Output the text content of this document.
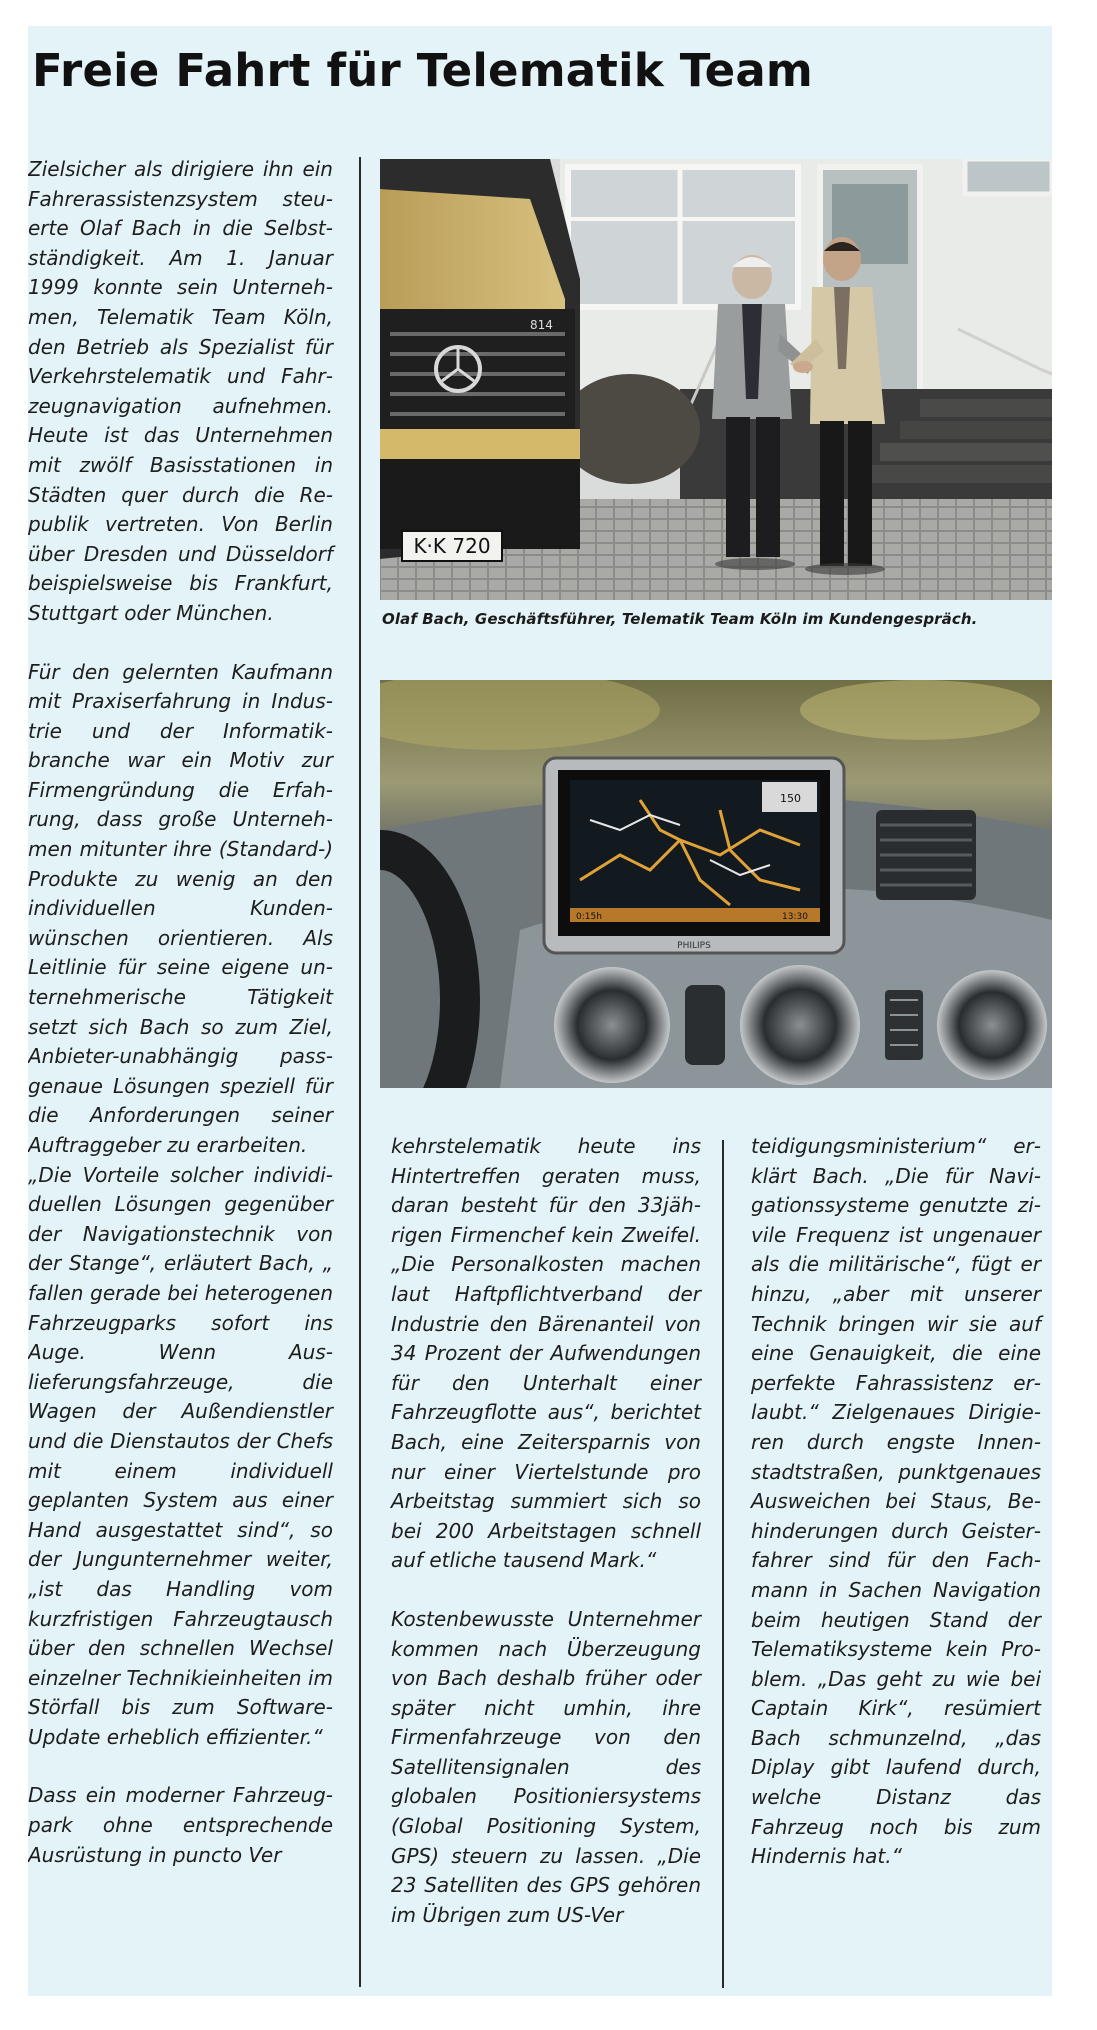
Freie Fahrt für Telematik Team

Zielsicher als dirigiere ihn ein Fahrerassistenzsystem steuerte Olaf Bach in die Selbstständigkeit. Am 1. Januar 1999 konnte sein Unternehmen, Telematik Team Köln, den Betrieb als Spezialist für Verkehrstelematik und Fahrzeugnavigation aufnehmen. Heute ist das Unternehmen mit zwölf Basisstationen in Städten quer durch die Republik vertreten. Von Berlin über Dresden und Düsseldorf beispielsweise bis Frankfurt, Stuttgart oder München.

Für den gelernten Kaufmann mit Praxiserfahrung in Industrie und der Informatikbranche war ein Motiv zur Firmengründung die Erfahrung, dass große Unternehmen mitunter ihre (Standard-) Produkte zu wenig an den individuellen Kundenwünschen orientieren. Als Leitlinie für seine eigene unternehmerische Tätigkeit setzt sich Bach so zum Ziel, Anbieter-unabhängig passgenaue Lösungen speziell für die Anforderungen seiner Auftraggeber zu erarbeiten.

„Die Vorteile solcher individiduellen Lösungen gegenüber der Navigationstechnik von der Stange“, erläutert Bach, „ fallen gerade bei heterogenen Fahrzeugparks sofort ins Auge. Wenn Auslieferungsfahrzeuge, die Wagen der Außendienstler und die Dienstautos der Chefs mit einem individuell geplanten System aus einer Hand ausgestattet sind“, so der Jungunternehmer weiter, „ist das Handling vom kurzfristigen Fahrzeugtausch über den schnellen Wechsel einzelner Technikieinheiten im Störfall bis zum Software-Update erheblich effizienter.“

Dass ein moderner Fahrzeugpark ohne entsprechende Ausrüstung in puncto Ver

K·K 720
814

Olaf Bach, Geschäftsführer, Telematik Team Köln im Kundengespräch.

150
0:15h	13:30
PHILIPS

kehrstelematik heute ins Hintertreffen geraten muss, daran besteht für den 33jährigen Firmenchef kein Zweifel. „Die Personalkosten machen laut Haftpflichtverband der Industrie den Bärenanteil von 34 Prozent der Aufwendungen für den Unterhalt einer Fahrzeugflotte aus“, berichtet Bach, eine Zeitersparnis von nur einer Viertelstunde pro Arbeitstag summiert sich so bei 200 Arbeitstagen schnell auf etliche tausend Mark.“

Kostenbewusste Unternehmer kommen nach Überzeugung von Bach deshalb früher oder später nicht umhin, ihre Firmenfahrzeuge von den Satellitensignalen des globalen Positioniersystems (Global Positioning System, GPS) steuern zu lassen. „Die 23 Satelliten des GPS gehören im Übrigen zum US-Ver

teidigungsministerium“ erklärt Bach. „Die für Navigationssysteme genutzte zivile Frequenz ist ungenauer als die militärische“, fügt er hinzu, „aber mit unserer Technik bringen wir sie auf eine Genauigkeit, die eine perfekte Fahrassistenz erlaubt.“ Zielgenaues Dirigieren durch engste Innenstadtstraßen, punktgenaues Ausweichen bei Staus, Behinderungen durch Geisterfahrer sind für den Fachmann in Sachen Navigation beim heutigen Stand der Telematiksysteme kein Problem. „Das geht zu wie bei Captain Kirk“, resümiert Bach schmunzelnd, „das Diplay gibt laufend durch, welche Distanz das Fahrzeug noch bis zum Hindernis hat.“
